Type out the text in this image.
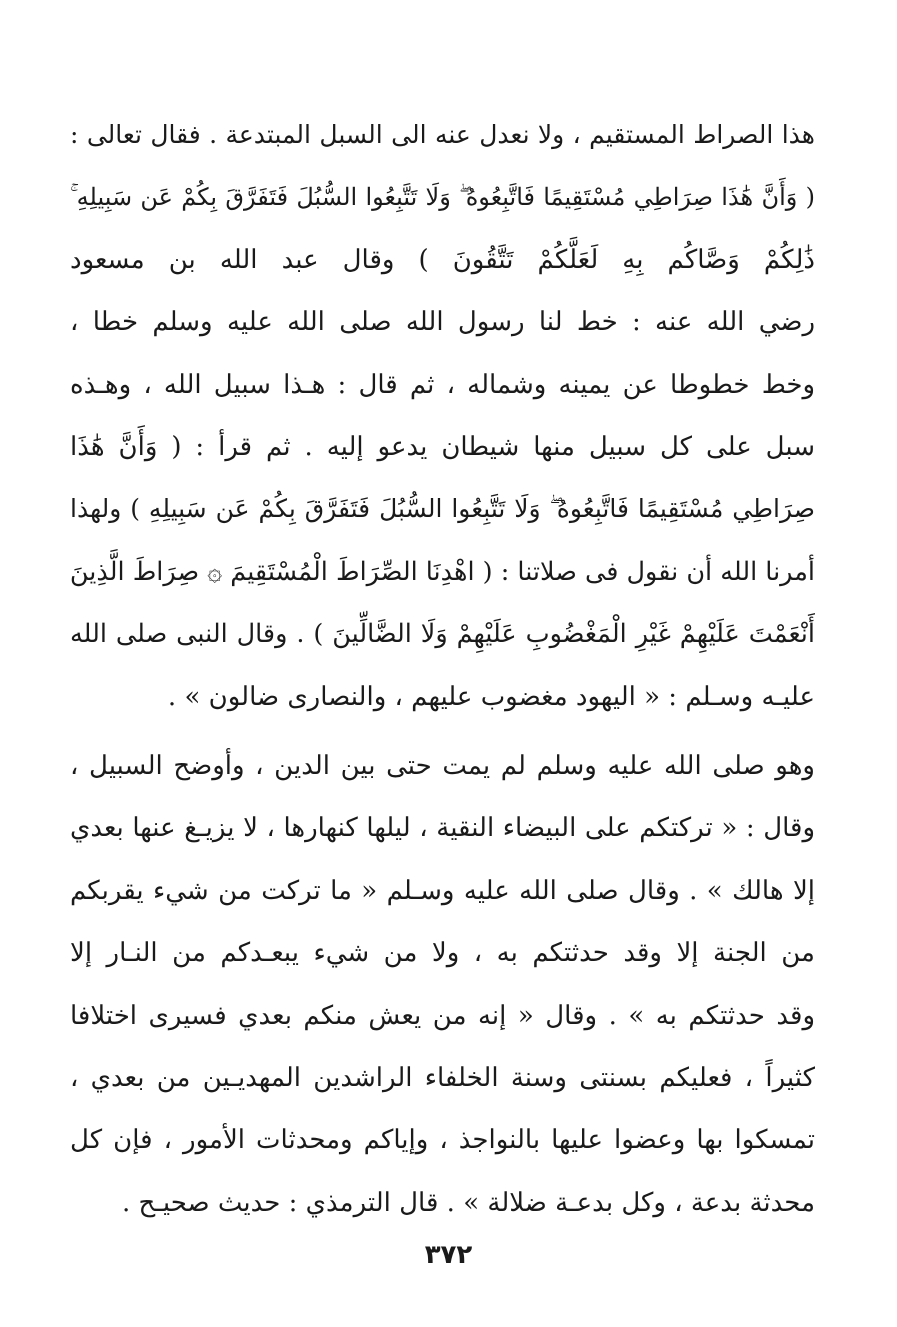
هذا الصراط المستقيم ، ولا نعدل عنه الى السبل المبتدعة . فقال تعالى :
( وَأَنَّ هَٰذَا صِرَاطِي مُسْتَقِيمًا فَاتَّبِعُوهُ ۖ وَلَا تَتَّبِعُوا السُّبُلَ فَتَفَرَّقَ بِكُمْ عَن سَبِيلِهِ ۚ
ذَٰلِكُمْ وَصَّاكُم بِهِ لَعَلَّكُمْ تَتَّقُونَ ) وقال عبد الله بن مسعود
رضي الله عنه : خط لنا رسول الله صلى الله عليه وسلم خطا ،
وخط خطوطا عن يمينه وشماله ، ثم قال : هـذا سبيل الله ، وهـذه
سبل على كل سبيل منها شيطان يدعو إليه . ثم قرأ : ( وَأَنَّ هَٰذَا
صِرَاطِي مُسْتَقِيمًا فَاتَّبِعُوهُ ۖ وَلَا تَتَّبِعُوا السُّبُلَ فَتَفَرَّقَ بِكُمْ عَن سَبِيلِهِ ) ولهذا
أمرنا الله أن نقول فى صلاتنا : ( اهْدِنَا الصِّرَاطَ الْمُسْتَقِيمَ ۞ صِرَاطَ الَّذِينَ
أَنْعَمْتَ عَلَيْهِمْ غَيْرِ الْمَغْضُوبِ عَلَيْهِمْ وَلَا الضَّالِّينَ ) . وقال النبى صلى الله
عليـه وسـلم : « اليهود مغضوب عليهم ، والنصارى ضالون » .
وهو صلى الله عليه وسلم لم يمت حتى بين الدين ، وأوضح السبيل ،
وقال : « تركتكم على البيضاء النقية ، ليلها كنهارها ، لا يزيـغ عنها بعدي
إلا هالك » . وقال صلى الله عليه وسـلم « ما تركت من شيء يقربكم
من الجنة إلا وقد حدثتكم به ، ولا من شيء يبعـدكم من النـار إلا
وقد حدثتكم به » . وقال « إنه من يعش منكم بعدي فسيرى اختلافا
كثيراً ، فعليكم بسنتى وسنة الخلفاء الراشدين المهديـين من بعدي ،
تمسكوا بها وعضوا عليها بالنواجذ ، وإياكم ومحدثات الأمور ، فإن كل
محدثة بدعة ، وكل بدعـة ضلالة » . قال الترمذي : حديث صحيـح .
٣٧٢
